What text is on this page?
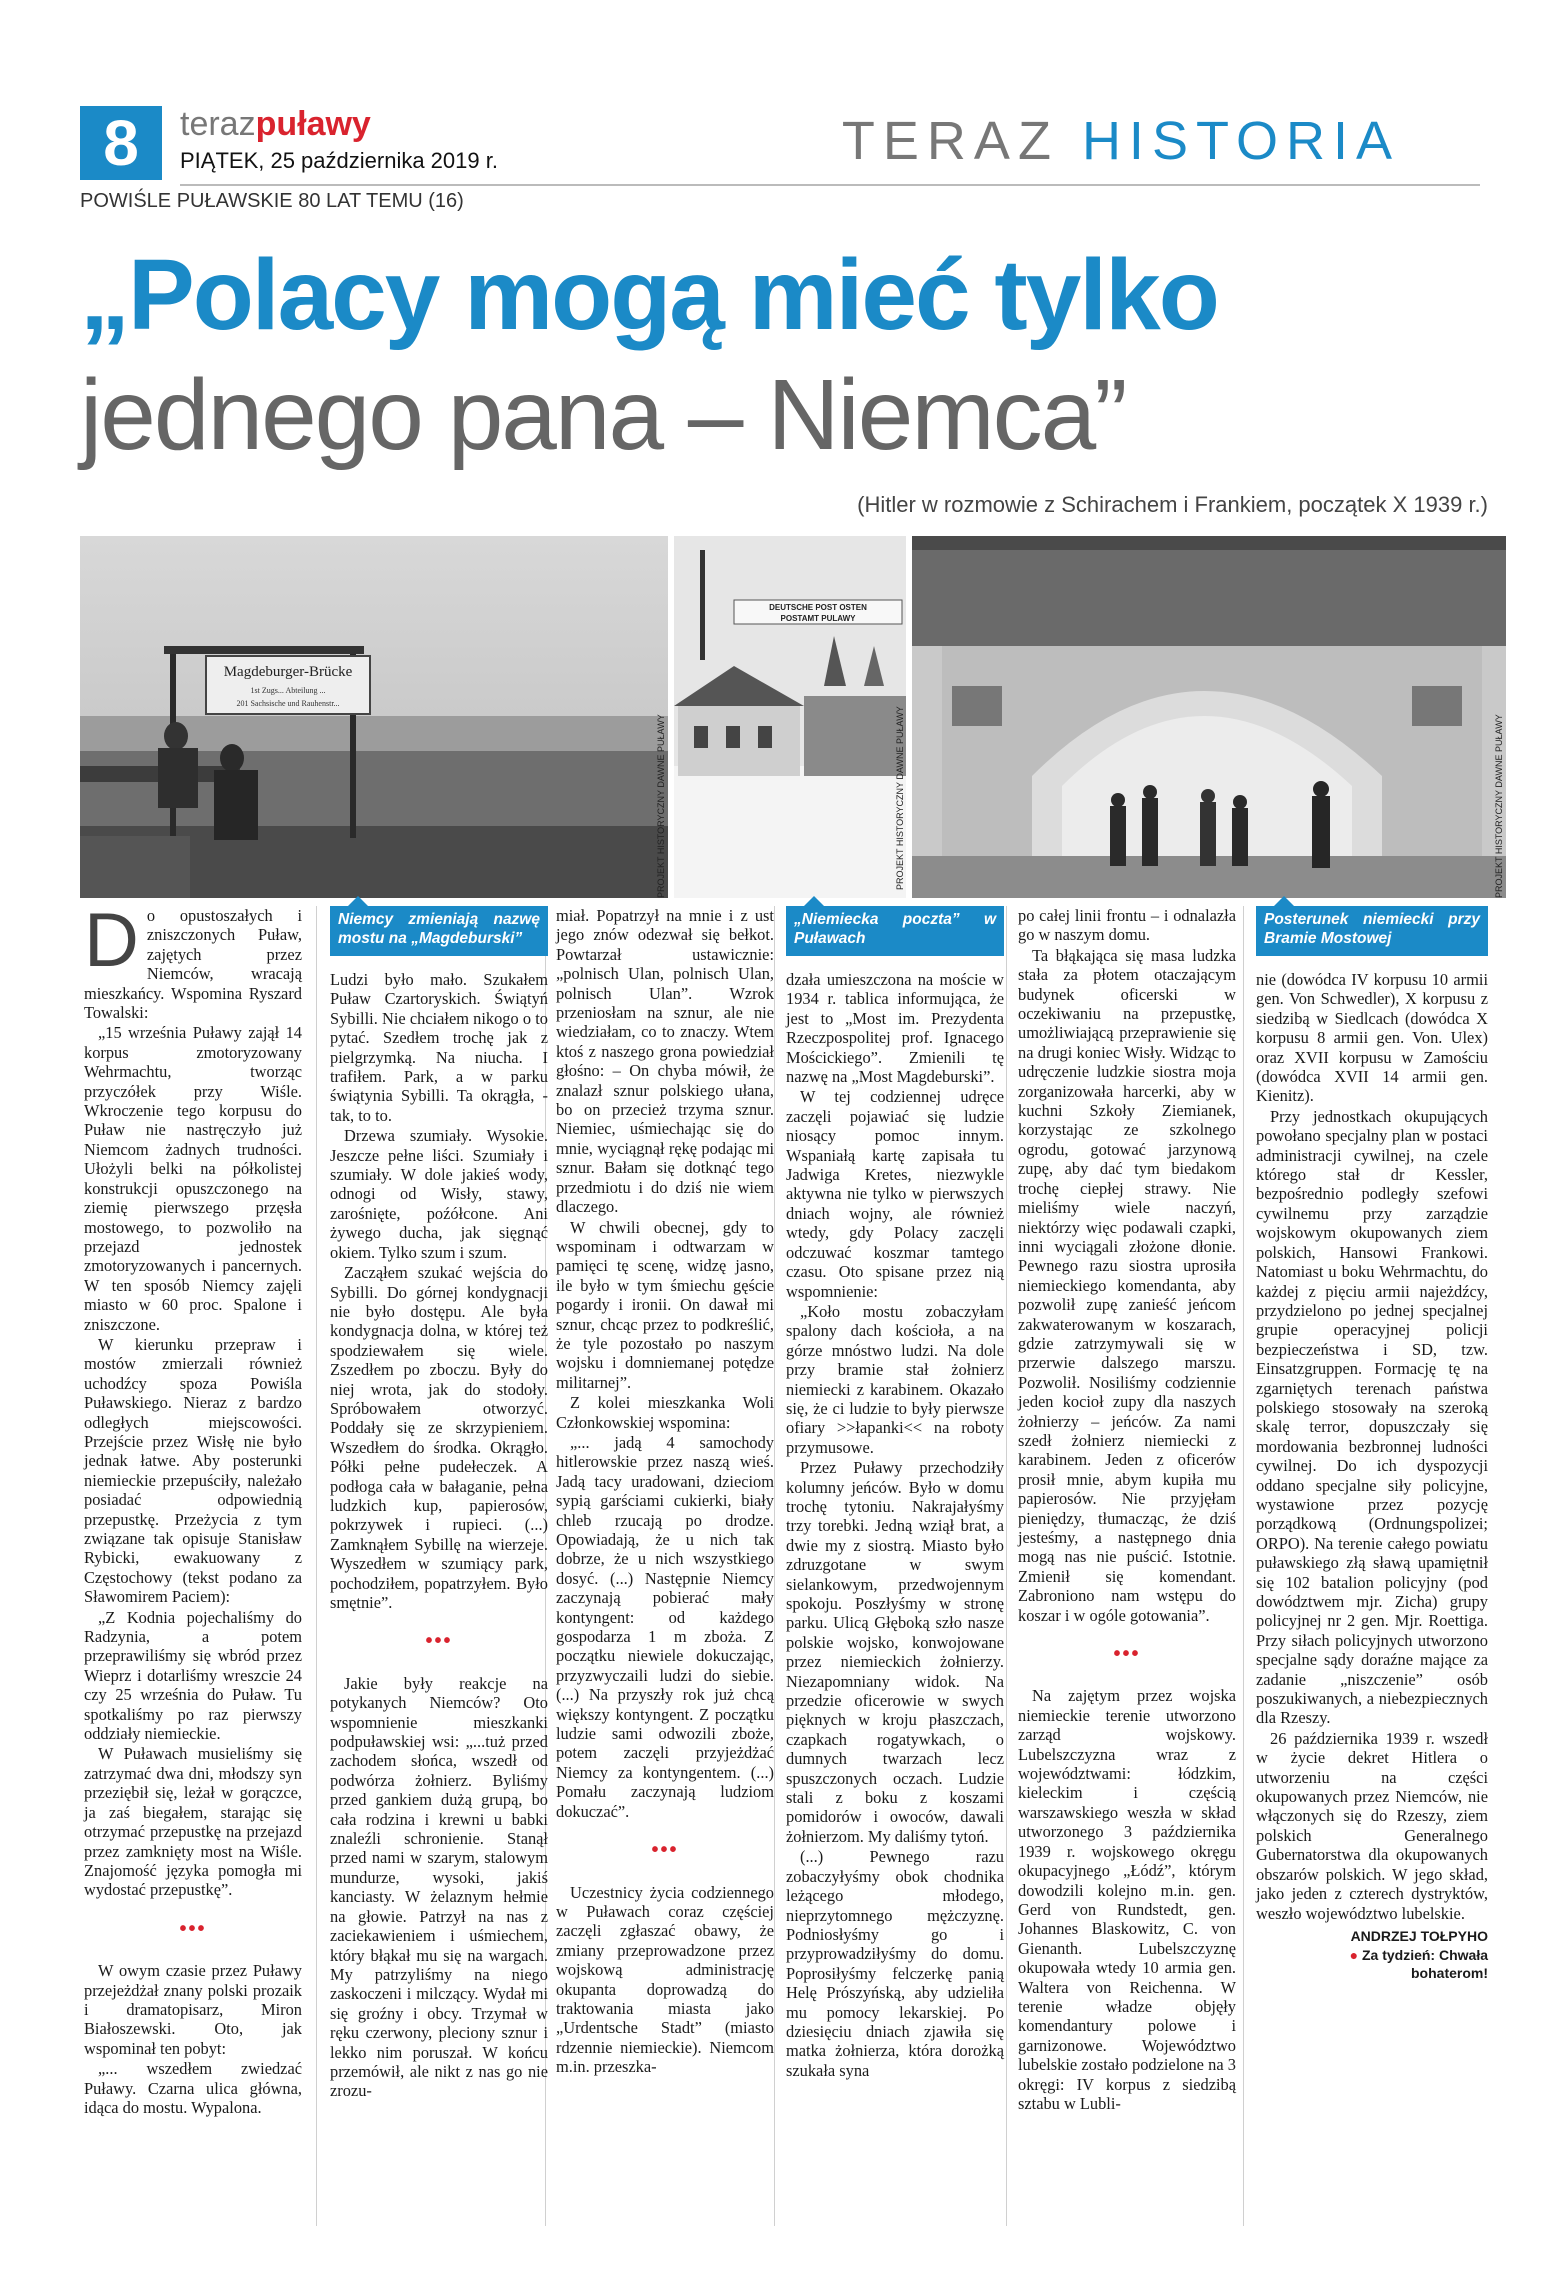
8	terazpuławy
PIĄTEK, 25 października 2019 r.	TERAZ HISTORIA
POWIŚLE PUŁAWSKIE 80 LAT TEMU (16)
„Polacy mogą mieć tylko
jednego pana – Niemca”
(Hitler w rozmowie z Schirachem i Frankiem, początek X 1939 r.)
Magdeburger-Brücke
1st Zugs... Abteilung ...
201 Sachsische und Rauhenstr...
DEUTSCHE POST OSTEN
POSTAMT PULAWY
PROJEKT HISTORYCZNY DAWNE PUŁAWY	PROJEKT HISTORYCZNY DAWNE PUŁAWY	PROJEKT HISTORYCZNY DAWNE PUŁAWY

Do opustoszałych i zniszczonych Puław, zajętych przez Niemców, wracają mieszkańcy. Wspomina Ryszard Towalski:

„15 września Puławy zajął 14 korpus zmotoryzowany Wehrmachtu, tworząc przyczółek przy Wiśle. Wkroczenie tego korpusu do Puław nie nastręczyło już Niemcom żadnych trudności. Ułożyli belki na półkolistej konstrukcji opuszczonego na ziemię pierwszego przęsła mostowego, to pozwoliło na przejazd jednostek zmotoryzowanych i pancernych. W ten sposób Niemcy zajęli miasto w 60 proc. Spalone i zniszczone.

W kierunku przepraw i mostów zmierzali również uchodźcy spoza Powiśla Puławskiego. Nieraz z bardzo odległych miejscowości. Przejście przez Wisłę nie było jednak łatwe. Aby posterunki niemieckie przepuściły, należało posiadać odpowiednią przepustkę. Przeżycia z tym związane tak opisuje Stanisław Rybicki, ewakuowany z Częstochowy (tekst podano za Sławomirem Paciem):

„Z Kodnia pojechaliśmy do Radzynia, a potem przeprawiliśmy się wbród przez Wieprz i dotarliśmy wreszcie 24 czy 25 września do Puław. Tu spotkaliśmy po raz pierwszy oddziały niemieckie.

W Puławach musieliśmy się zatrzymać dwa dni, młodszy syn przeziębił się, leżał w gorączce, ja zaś biegałem, starając się otrzymać przepustkę na przejazd przez zamknięty most na Wiśle. Znajomość języka pomogła mi wydostać przepustkę”.

•••

W owym czasie przez Puławy przejeżdżał znany polski prozaik i dramatopisarz, Miron Białoszewski. Oto, jak wspominał ten pobyt:

„... wszedłem zwiedzać Puławy. Czarna ulica główna, idąca do mostu. Wypalona.

Niemcy zmieniają nazwę mostu na „Magdeburski”

Ludzi było mało. Szukałem Puław Czartoryskich. Świątyń Sybilli. Nie chciałem nikogo o to pytać. Szedłem trochę jak z pielgrzymką. Na niucha. I trafiłem. Park, a w parku świątynia Sybilli. Ta okrągła, - tak, to to.

Drzewa szumiały. Wysokie. Jeszcze pełne liści. Szumiały i szumiały. W dole jakieś wody, odnogi od Wisły, stawy, zarośnięte, poźółcone. Ani żywego ducha, jak sięgnąć okiem. Tylko szum i szum.

Zacząłem szukać wejścia do Sybilli. Do górnej kondygnacji nie było dostępu. Ale była kondygnacja dolna, w której też spodziewałem się wiele. Zszedłem po zboczu. Były do niej wrota, jak do stodoły. Spróbowałem otworzyć. Poddały się ze skrzypieniem. Wszedłem do środka. Okrągło. Półki pełne pudełeczek. A podłoga cała w bałaganie, pełna ludzkich kup, papierosów, pokrzywek i rupieci. (...) Zamknąłem Sybillę na wierzeje. Wyszedłem w szumiący park, pochodziłem, popatrzyłem. Było smętnie”.

•••

Jakie były reakcje na potykanych Niemców? Oto wspomnienie mieszkanki podpuławskiej wsi: „...tuż przed zachodem słońca, wszedł od podwórza żołnierz. Byliśmy przed gankiem dużą grupą, bo cała rodzina i krewni u babki znaleźli schronienie. Stanął przed nami w szarym, stalowym mundurze, wysoki, jakiś kanciasty. W żelaznym hełmie na głowie. Patrzył na nas z zaciekawieniem i uśmiechem, który błąkał mu się na wargach. My patrzyliśmy na niego zaskoczeni i milczący. Wydał mi się groźny i obcy. Trzymał w ręku czerwony, pleciony sznur i lekko nim poruszał. W końcu przemówił, ale nikt z nas go nie zrozu-

miał. Popatrzył na mnie i z ust jego znów odezwał się bełkot. Powtarzał ustawicznie: „polnisch Ulan, polnisch Ulan, polnisch Ulan”. Wzrok przeniosłam na sznur, ale nie wiedziałam, co to znaczy. Wtem ktoś z naszego grona powiedział głośno: – On chyba mówił, że znalazł sznur polskiego ułana, bo on przecież trzyma sznur. Niemiec, uśmiechając się do mnie, wyciągnął rękę podając mi sznur. Bałam się dotknąć tego przedmiotu i do dziś nie wiem dlaczego.

W chwili obecnej, gdy to wspominam i odtwarzam w pamięci tę scenę, widzę jasno, ile było w tym śmiechu gęście pogardy i ironii. On dawał mi sznur, chcąc przez to podkreślić, że tyle pozostało po naszym wojsku i domniemanej potędze militarnej”.

Z kolei mieszkanka Woli Członkowskiej wspomina:

„... jadą 4 samochody hitlerowskie przez naszą wieś. Jadą tacy uradowani, dzieciom sypią garściami cukierki, biały chleb rzucają po drodze. Opowiadają, że u nich tak dobrze, że u nich wszystkiego dosyć. (...) Następnie Niemcy zaczynają pobierać mały kontyngent: od każdego gospodarza 1 m zboża. Z początku niewiele dokuczając, przyzwyczaili ludzi do siebie. (...) Na przyszły rok już chcą większy kontyngent. Z początku ludzie sami odwozili zboże, potem zaczęli przyjeżdżać Niemcy za kontyngentem. (...) Pomału zaczynają ludziom dokuczać”.

•••

Uczestnicy życia codziennego w Puławach coraz częściej zaczęli zgłaszać obawy, że zmiany przeprowadzone przez wojskową administrację okupanta doprowadzą do traktowania miasta jako „Urdentsche Stadt” (miasto rdzennie niemieckie). Niemcom m.in. przeszka-

„Niemiecka poczta” w Puławach

dzała umieszczona na moście w 1934 r. tablica informująca, że jest to „Most im. Prezydenta Rzeczpospolitej prof. Ignacego Mościckiego”. Zmienili tę nazwę na „Most Magdeburski”.

W tej codziennej udręce zaczęli pojawiać się ludzie niosący pomoc innym. Wspaniałą kartę zapisała tu Jadwiga Kretes, niezwykle aktywna nie tylko w pierwszych dniach wojny, ale również wtedy, gdy Polacy zaczęli odczuwać koszmar tamtego czasu. Oto spisane przez nią wspomnienie:

„Koło mostu zobaczyłam spalony dach kościoła, a na górze mnóstwo ludzi. Na dole przy bramie stał żołnierz niemiecki z karabinem. Okazało się, że ci ludzie to były pierwsze ofiary >>łapanki<< na roboty przymusowe.

Przez Puławy przechodziły kolumny jeńców. Było w domu trochę tytoniu. Nakrajałyśmy trzy torebki. Jedną wziął brat, a dwie my z siostrą. Miasto było zdruzgotane w swym sielankowym, przedwojennym spokoju. Poszłyśmy w stronę parku. Ulicą Głęboką szło nasze polskie wojsko, konwojowane przez niemieckich żołnierzy. Niezapomniany widok. Na przedzie oficerowie w swych pięknych w kroju płaszczach, czapkach rogatywkach, o dumnych twarzach lecz spuszczonych oczach. Ludzie stali z boku z koszami pomidorów i owoców, dawali żołnierzom. My daliśmy tytoń.

(...) Pewnego razu zobaczyłyśmy obok chodnika leżącego młodego, nieprzytomnego mężczyznę. Podniosłyśmy go i przyprowadziłyśmy do domu. Poprosiłyśmy felczerkę panią Helę Prószyńską, aby udzieliła mu pomocy lekarskiej. Po dziesięciu dniach zjawiła się matka żołnierza, która dorożką szukała syna

po całej linii frontu – i odnalazła go w naszym domu.

Ta błąkająca się masa ludzka stała za płotem otaczającym budynek oficerski w oczekiwaniu na przepustkę, umożliwiającą przeprawienie się na drugi koniec Wisły. Widząc to udręczenie ludzkie siostra moja zorganizowała harcerki, aby w kuchni Szkoły Ziemianek, korzystając ze szkolnego ogrodu, gotować jarzynową zupę, aby dać tym biedakom trochę ciepłej strawy. Nie mieliśmy wiele naczyń, niektórzy więc podawali czapki, inni wyciągali złożone dłonie. Pewnego razu siostra uprosiła niemieckiego komendanta, aby pozwolił zupę zanieść jeńcom zakwaterowanym w koszarach, gdzie zatrzymywali się w przerwie dalszego marszu. Pozwolił. Nosiliśmy codziennie jeden kocioł zupy dla naszych żołnierzy – jeńców. Za nami szedł żołnierz niemiecki z karabinem. Jeden z oficerów prosił mnie, abym kupiła mu papierosów. Nie przyjęłam pieniędzy, tłumacząc, że dziś jesteśmy, a następnego dnia mogą nas nie puścić. Istotnie. Zmienił się komendant. Zabroniono nam wstępu do koszar i w ogóle gotowania”.

•••

Na zajętym przez wojska niemieckie terenie utworzono zarząd wojskowy. Lubelszczyzna wraz z województwami: łódzkim, kieleckim i częścią warszawskiego weszła w skład utworzonego 3 października 1939 r. wojskowego okręgu okupacyjnego „Łódź”, którym dowodzili kolejno m.in. gen. Gerd von Rundstedt, gen. Johannes Blaskowitz, C. von Gienanth. Lubelszczyznę okupowała wtedy 10 armia gen. Waltera von Reichenna. W terenie władze objęły komendantury polowe i garnizonowe. Województwo lubelskie zostało podzielone na 3 okręgi: IV korpus z siedzibą sztabu w Lubli-

Posterunek niemiecki przy Bramie Mostowej

nie (dowódca IV korpusu 10 armii gen. Von Schwedler), X korpusu z siedzibą w Siedlcach (dowódca X korpusu 8 armii gen. Von. Ulex) oraz XVII korpusu w Zamościu (dowódca XVII 14 armii gen. Kienitz).

Przy jednostkach okupujących powołano specjalny plan w postaci administracji cywilnej, na czele którego stał dr Kessler, bezpośrednio podległy szefowi cywilnemu przy zarządzie wojskowym okupowanych ziem polskich, Hansowi Frankowi. Natomiast u boku Wehrmachtu, do każdej z pięciu armii najeżdźcy, przydzielono po jednej specjalnej grupie operacyjnej policji bezpieczeństwa i SD, tzw. Einsatzgruppen. Formację tę na zgarniętych terenach państwa polskiego stosowały na szeroką skalę terror, dopuszczały się mordowania bezbronnej ludności cywilnej. Do ich dyspozycji oddano specjalne siły policyjne, wystawione przez pozycję porządkową (Ordnungspolizei; ORPO). Na terenie całego powiatu puławskiego złą sławą upamiętnił się 102 batalion policyjny (pod dowództwem mjr. Zicha) grupy policyjnej nr 2 gen. Mjr. Roettiga. Przy siłach policyjnych utworzono specjalne sądy doraźne mające za zadanie „niszczenie” osób poszukiwanych, a niebezpiecznych dla Rzeszy.

26 października 1939 r. wszedł w życie dekret Hitlera o utworzeniu na części okupowanych przez Niemców, nie włączonych się do Rzeszy, ziem polskich Generalnego Gubernatorstwa dla okupowanych obszarów polskich. W jego skład, jako jeden z czterech dystryktów, weszło województwo lubelskie.

ANDRZEJ TOŁPYHO
● Za tydzień: Chwała
bohaterom!
